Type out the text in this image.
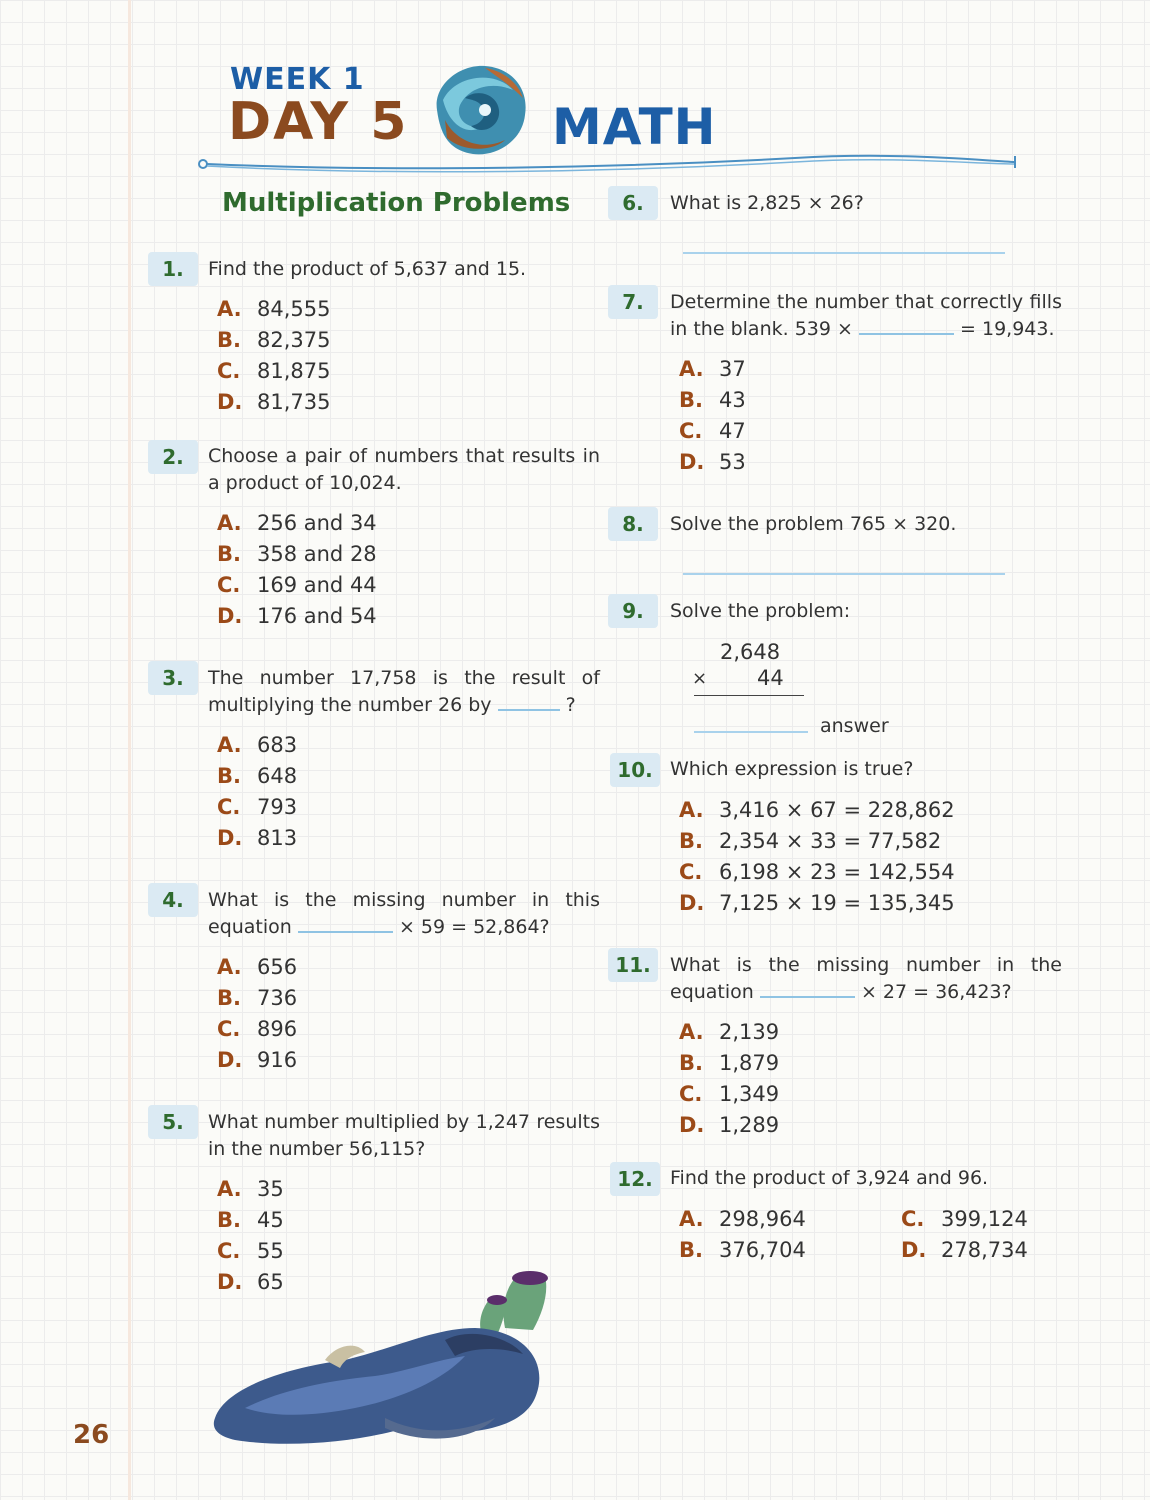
WEEK 1
DAY 5	MATH
Multiplication Problems
1.	Find the product of 5,637 and 15.
A. 84,555
B. 82,375
C. 81,875
D. 81,735
2.	Choose a pair of numbers that results in
a product of 10,024.
A. 256 and 34
B. 358 and 28
C. 169 and 44
D. 176 and 54
3.	The number 17,758 is the result of
multiplying the number 26 by	?
A. 683
B. 648
C. 793
D. 813
4.	What is the missing number in this
equation	× 59 = 52,864?
A. 656
B. 736
C. 896
D. 916
5.	What number multiplied by 1,247 results
in the number 56,115?
A. 35
B. 45
C. 55
D. 65
6.	What is 2,825 × 26?
7.	Determine the number that correctly fills
in the blank. 539 ×	= 19,943.
A. 37
B. 43
C. 47
D. 53
8.	Solve the problem 765 × 320.
9.	Solve the problem:
2,648
× 44
answer
10. Which expression is true?
A. 3,416 × 67 = 228,862
B. 2,354 × 33 = 77,582
C. 6,198 × 23 = 142,554
D. 7,125 × 19 = 135,345
11.	What is the missing number in the
equation	× 27 = 36,423?
A. 2,139
B. 1,879
C. 1,349
D. 1,289
12. Find the product of 3,924 and 96.
A. 298,964
B. 376,704
C. 399,124
D. 278,734
26
